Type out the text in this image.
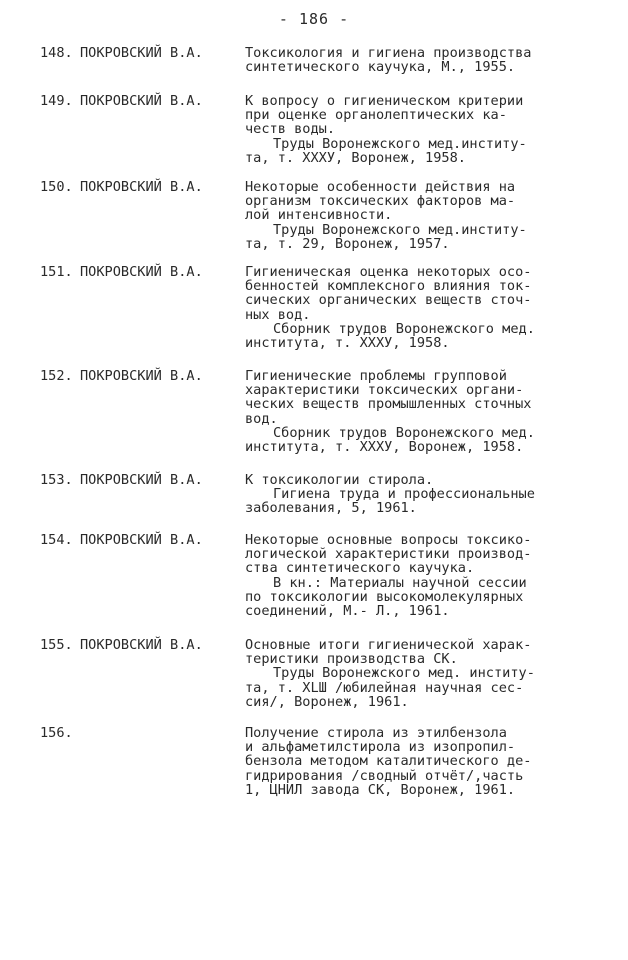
- 186 -
148. ПОКРОВСКИЙ В.А.	Токсикология и гигиена производства
синтетического каучука, М., 1955.
149. ПОКРОВСКИЙ В.А.	К вопросу о гигиеническом критерии
при оценке органолептических ка-
честв воды.
Труды Воронежского мед.институ-
та, т. XXXУ, Воронеж, 1958.
150. ПОКРОВСКИЙ В.А.	Некоторые особенности действия на
организм токсических факторов ма-
лой интенсивности.
Труды Воронежского мед.институ-
та, т. 29, Воронеж, 1957.
151. ПОКРОВСКИЙ В.А.	Гигиеническая оценка некоторых осо-
бенностей комплексного влияния ток-
сических органических веществ сточ-
ных вод.
Сборник трудов Воронежского мед.
института, т. XXXУ, 1958.
152. ПОКРОВСКИЙ В.А.	Гигиенические проблемы групповой
характеристики токсических органи-
ческих веществ промышленных сточных
вод.
Сборник трудов Воронежского мед.
института, т. XXXУ, Воронеж, 1958.
153. ПОКРОВСКИЙ В.А.	К токсикологии стирола.
Гигиена труда и профессиональные
заболевания, 5, 1961.
154. ПОКРОВСКИЙ В.А.	Некоторые основные вопросы токсико-
логической характеристики производ-
ства синтетического каучука.
В кн.: Материалы научной сессии
по токсикологии высокомолекулярных
соединений, М.- Л., 1961.
155. ПОКРОВСКИЙ В.А.	Основные итоги гигиенической харак-
теристики производства СК.
Труды Воронежского мед. институ-
та, т. XLШ /юбилейная научная сес-
сия/, Воронеж, 1961.
156.	Получение стирола из этилбензола
и альфаметилстирола из изопропил-
бензола методом каталитического де-
гидрирования /сводный отчёт/,часть
1, ЦНИЛ завода СК, Воронеж, 1961.
